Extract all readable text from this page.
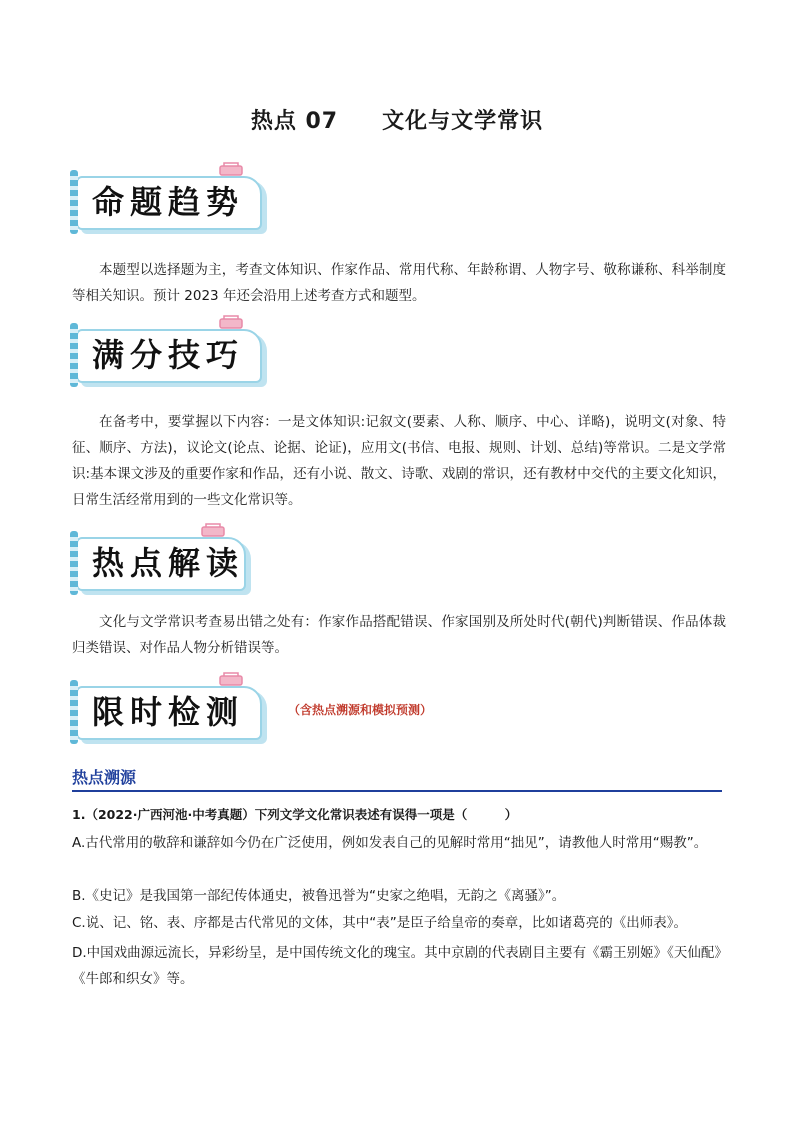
热点 07 文化与文学常识
命题趋势
本题型以选择题为主，考查文体知识、作家作品、常用代称、年龄称谓、人物字号、敬称谦称、科举制度等相关知识。预计 2023 年还会沿用上述考查方式和题型。
满分技巧
在备考中，要掌握以下内容：一是文体知识:记叙文(要素、人称、顺序、中心、详略)，说明文(对象、特征、顺序、方法)，议论文(论点、论据、论证)，应用文(书信、电报、规则、计划、总结)等常识。二是文学常识:基本课文涉及的重要作家和作品，还有小说、散文、诗歌、戏剧的常识，还有教材中交代的主要文化知识，日常生活经常用到的一些文化常识等。
热点解读
文化与文学常识考查易出错之处有：作家作品搭配错误、作家国别及所处时代(朝代)判断错误、作品体裁归类错误、对作品人物分析错误等。
限时检测	（含热点溯源和模拟预测）
热点溯源
1.（2022·广西河池·中考真题）下列文学文化常识表述有误得一项是（　　　）
A.古代常用的敬辞和谦辞如今仍在广泛使用，例如发表自己的见解时常用“拙见”，请教他人时常用“赐教”。
B.《史记》是我国第一部纪传体通史，被鲁迅誉为“史家之绝唱，无韵之《离骚》”。
C.说、记、铭、表、序都是古代常见的文体，其中“表”是臣子给皇帝的奏章，比如诸葛亮的《出师表》。
D.中国戏曲源远流长，异彩纷呈，是中国传统文化的瑰宝。其中京剧的代表剧目主要有《霸王别姬》《天仙配》《牛郎和织女》等。
